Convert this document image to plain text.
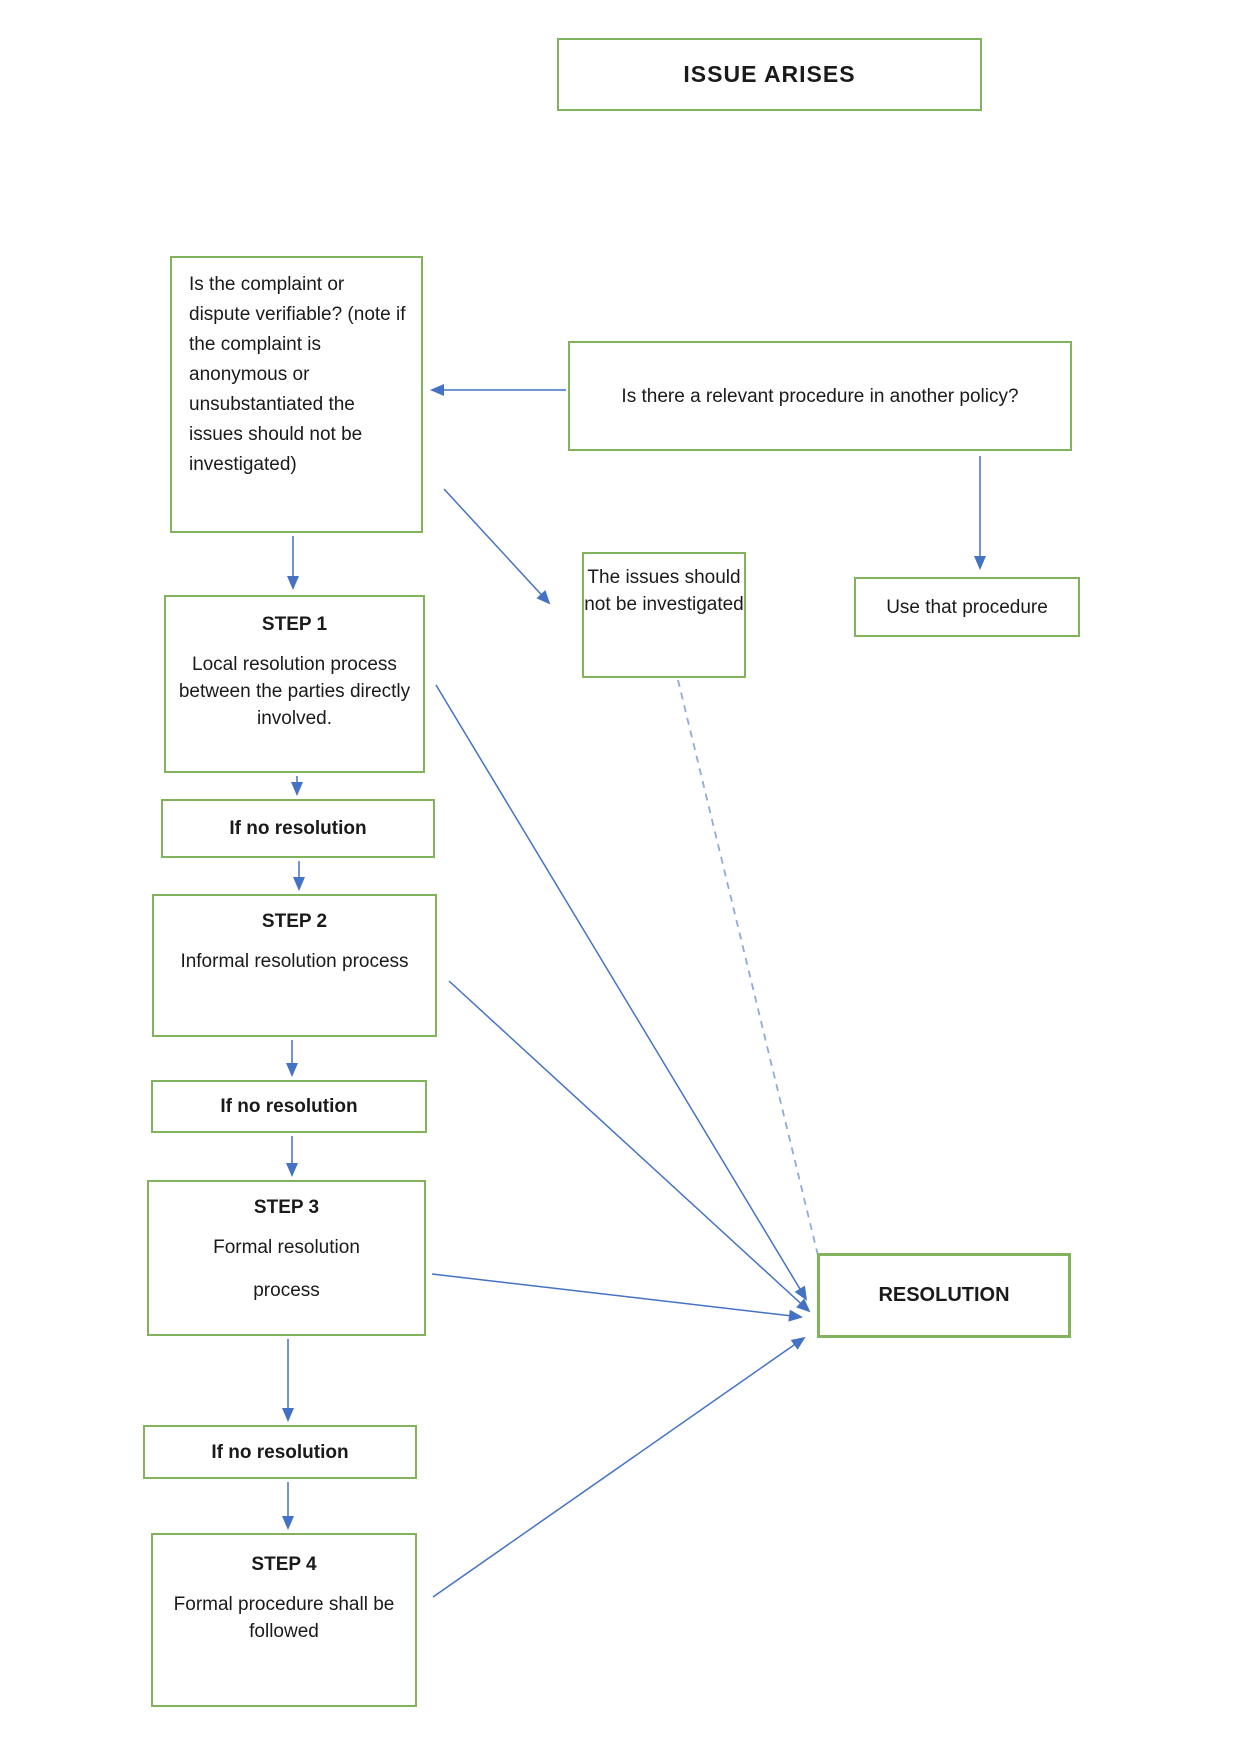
ISSUE ARISES
Is the complaint or dispute verifiable? (note if the complaint is anonymous or unsubstantiated the issues should not be investigated)
Is there a relevant procedure in another policy?
The issues should not be investigated	Use that procedure
STEP 1
Local resolution process between the parties directly involved.
If no resolution
STEP 2
Informal resolution process
If no resolution
STEP 3
Formal resolution
process
If no resolution
STEP 4
Formal procedure shall be followed
RESOLUTION
